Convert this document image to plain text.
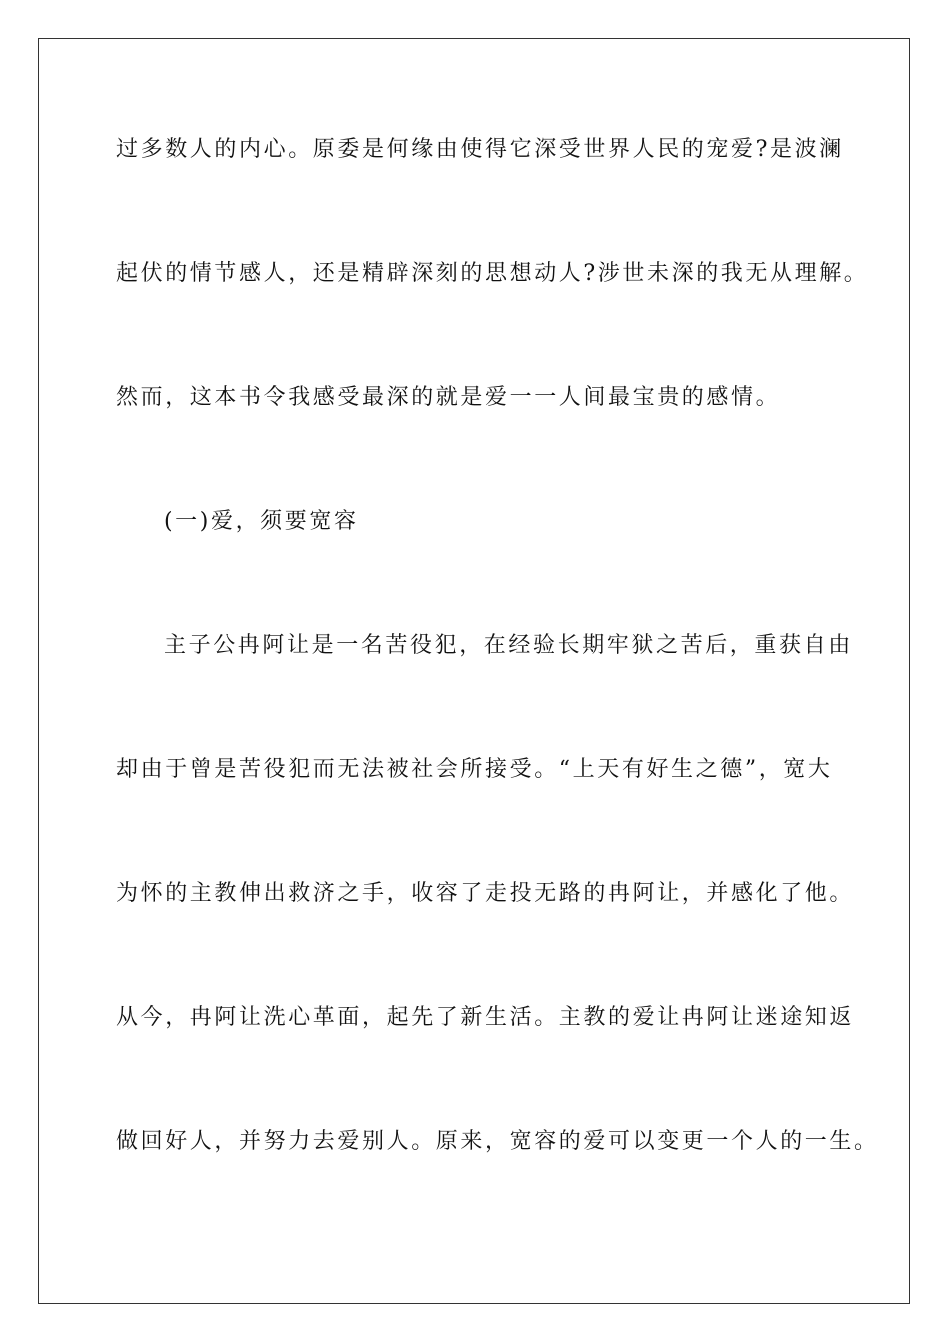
过多数人的内心。原委是何缘由使得它深受世界人民的宠爱?是波澜
起伏的情节感人，还是精辟深刻的思想动人?涉世未深的我无从理解。
然而，这本书令我感受最深的就是爱一一人间最宝贵的感情。
(一)爱，须要宽容
主子公冉阿让是一名苦役犯，在经验长期牢狱之苦后，重获自由
却由于曾是苦役犯而无法被社会所接受。“上天有好生之德”，宽大
为怀的主教伸出救济之手，收容了走投无路的冉阿让，并感化了他。
从今，冉阿让洗心革面，起先了新生活。主教的爱让冉阿让迷途知返
做回好人，并努力去爱别人。原来，宽容的爱可以变更一个人的一生。
